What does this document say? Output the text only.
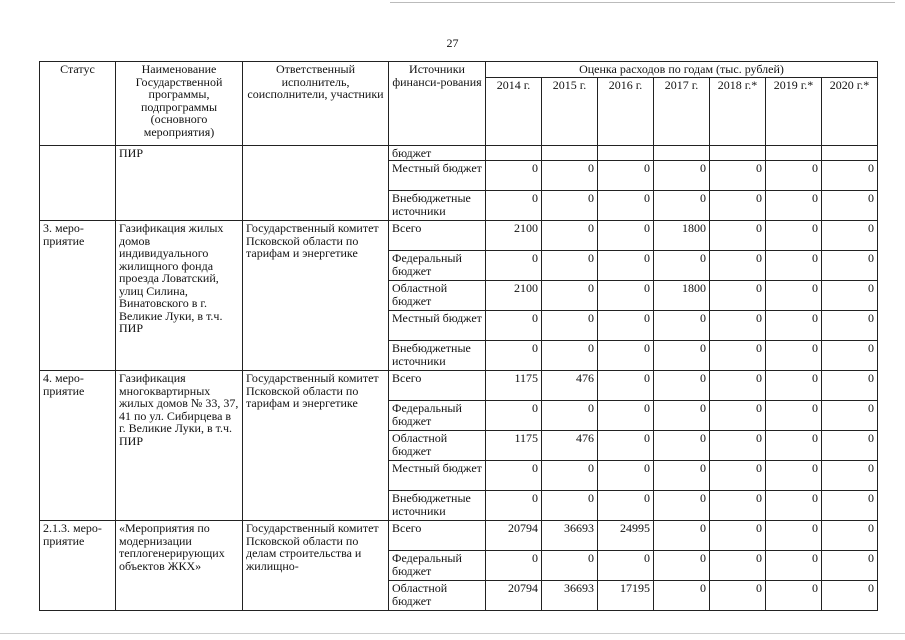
27
Статус	Наименование Государственной программы, подпрограммы (основного мероприятия)	Ответственный исполнитель, соисполнители, участники	Источники финанси-рования	Оценка расходов по годам (тыс. рублей)						
				2014 г.	2015 г.	2016 г.	2017 г.	2018 г.*	2019 г.*	2020 г.*
	ПИР		бюджет							
			Местный бюджет	0	0	0	0	0	0	0
			Внебюджетные источники	0	0	0	0	0	0	0
3. меро-приятие	Газификация жилых домов индивидуального жилищного фонда проезда Ловатский, улиц Силина, Винатовского в г. Великие Луки, в т.ч. ПИР	Государственный комитет Псковской области по тарифам и энергетике	Всего	2100	0	0	1800	0	0	0
			Федеральный бюджет	0	0	0	0	0	0	0
			Областной бюджет	2100	0	0	1800	0	0	0
			Местный бюджет	0	0	0	0	0	0	0
			Внебюджетные источники	0	0	0	0	0	0	0
4. меро-приятие	Газификация многоквартирных жилых домов № 33, 37, 41 по ул. Сибирцева в г. Великие Луки, в т.ч. ПИР	Государственный комитет Псковской области по тарифам и энергетике	Всего	1175	476	0	0	0	0	0
			Федеральный бюджет	0	0	0	0	0	0	0
			Областной бюджет	1175	476	0	0	0	0	0
			Местный бюджет	0	0	0	0	0	0	0
			Внебюджетные источники	0	0	0	0	0	0	0
2.1.3. меро-приятие	«Мероприятия по модернизации теплогенерирующих объектов ЖКХ»	Государственный комитет Псковской области по делам строительства и жилищно-	Всего	20794	36693	24995	0	0	0	0
			Федеральный бюджет	0	0	0	0	0	0	0
			Областной бюджет	20794	36693	17195	0	0	0	0
